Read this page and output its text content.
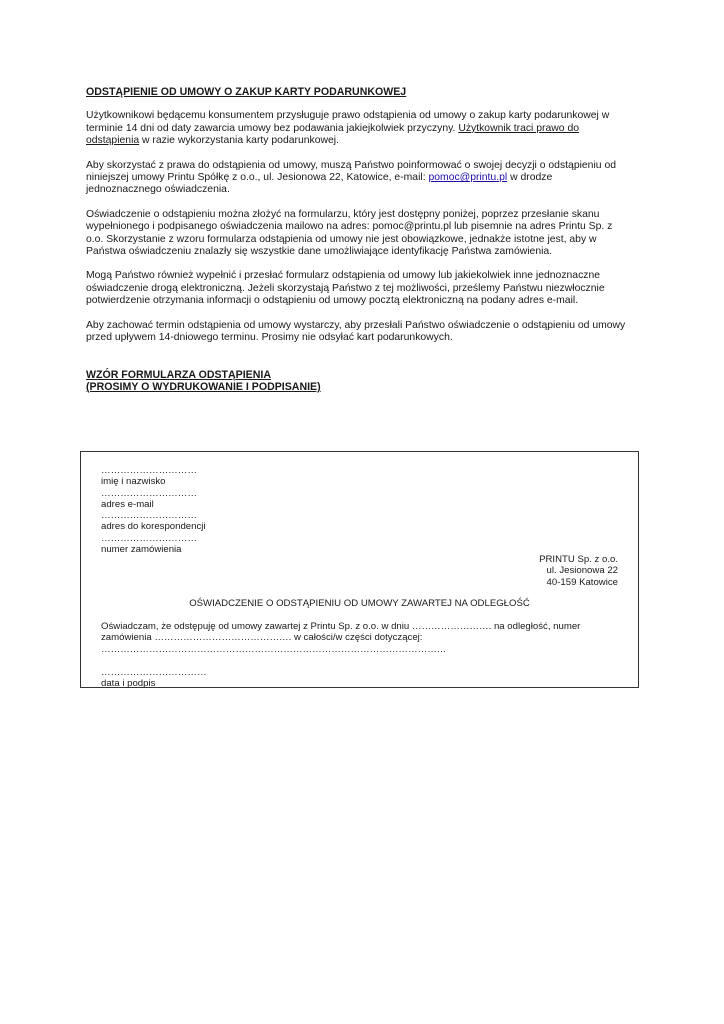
ODSTĄPIENIE OD UMOWY O ZAKUP KARTY PODARUNKOWEJ

Użytkownikowi będącemu konsumentem przysługuje prawo odstąpienia od umowy o zakup karty podarunkowej w terminie 14 dni od daty zawarcia umowy bez podawania jakiejkolwiek przyczyny. Użytkownik traci prawo do odstąpienia w razie wykorzystania karty podarunkowej.

Aby skorzystać z prawa do odstąpienia od umowy, muszą Państwo poinformować o swojej decyzji o odstąpieniu od niniejszej umowy Printu Spółkę z o.o., ul. Jesionowa 22, Katowice, e-mail: pomoc@printu.pl w drodze jednoznacznego oświadczenia.

Oświadczenie o odstąpieniu można złożyć na formularzu, który jest dostępny poniżej, poprzez przesłanie skanu wypełnionego i podpisanego oświadczenia mailowo na adres: pomoc@printu.pl lub pisemnie na adres Printu Sp. z o.o. Skorzystanie z wzoru formularza odstąpienia od umowy nie jest obowiązkowe, jednakże istotne jest, aby w Państwa oświadczeniu znalazły się wszystkie dane umożliwiające identyfikację Państwa zamówienia.

Mogą Państwo również wypełnić i przesłać formularz odstąpienia od umowy lub jakiekolwiek inne jednoznaczne oświadczenie drogą elektroniczną. Jeżeli skorzystają Państwo z tej możliwości, prześlemy Państwu niezwłocznie potwierdzenie otrzymania informacji o odstąpieniu od umowy pocztą elektroniczną na podany adres e-mail.

Aby zachować termin odstąpienia od umowy wystarczy, aby przesłali Państwo oświadczenie o odstąpieniu od umowy przed upływem 14-dniowego terminu. Prosimy nie odsyłać kart podarunkowych.

WZÓR FORMULARZA ODSTĄPIENIA
(PROSIMY O WYDRUKOWANIE I PODPISANIE)
…………………………
imię i nazwisko
…………………………
adres e-mail
…………………………
adres do korespondencji
…………………………
numer zamówienia
PRINTU Sp. z o.o.
ul. Jesionowa 22
40-159 Katowice
OŚWIADCZENIE O ODSTĄPIENIU OD UMOWY ZAWARTEJ NA ODLEGŁOŚĆ
Oświadczam, że odstępuję od umowy zawartej z Printu Sp. z o.o. w dniu ……………………. na odległość, numer
zamówienia ……………………………………. w całości/w części dotyczącej:
………………………………………………………………………………………………
……………………………
data i podpis
